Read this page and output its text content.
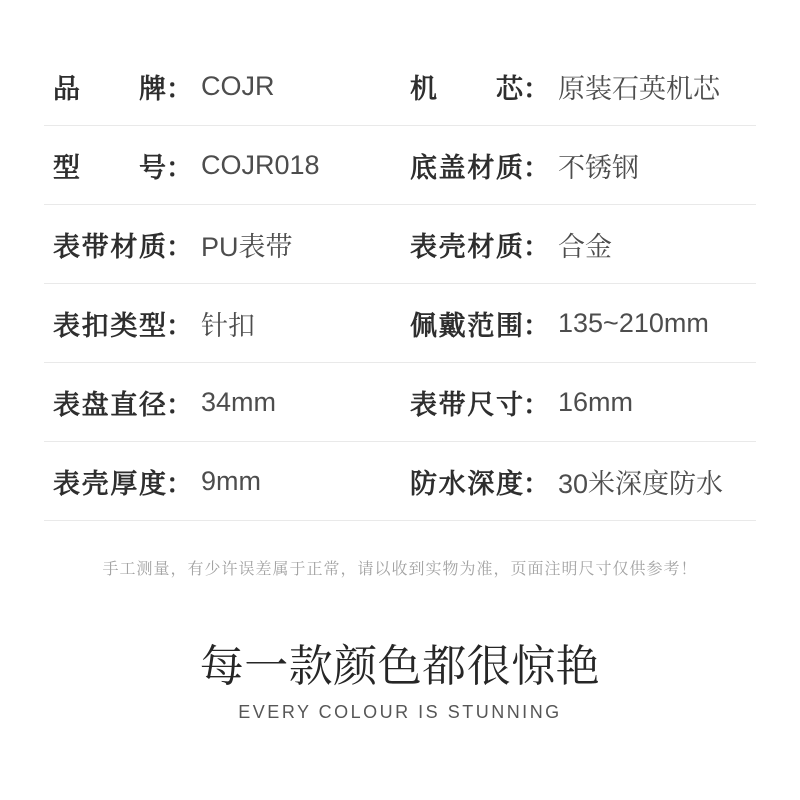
品牌 ： COJR	机芯 ： 原装石英机芯
型号 ： COJR018	底盖材质 ： 不锈钢
表带材质 ： PU表带	表壳材质 ： 合金
表扣类型 ： 针扣	佩戴范围 ： 135~210mm
表盘直径 ： 34mm	表带尺寸 ： 16mm
表壳厚度 ： 9mm	防水深度 ： 30米深度防水

手工测量，有少许误差属于正常，请以收到实物为准，页面注明尺寸仅供参考！

每一款颜色都很惊艳

EVERY COLOUR IS STUNNING
